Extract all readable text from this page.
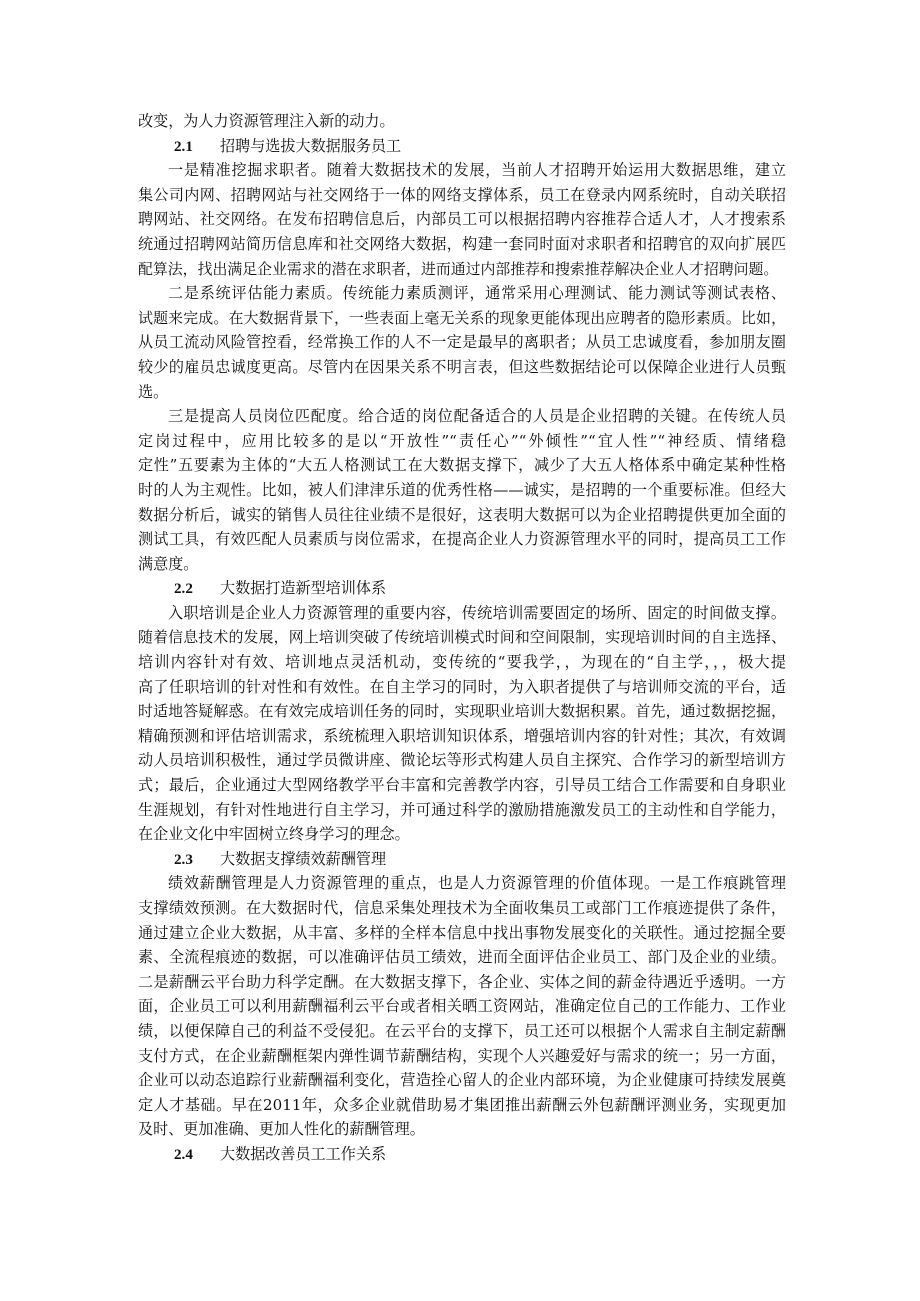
改变，为人力资源管理注入新的动力。
2.1 招聘与选拔大数据服务员工
一是精准挖掘求职者。随着大数据技术的发展，当前人才招聘开始运用大数据思维，建立
集公司内网、招聘网站与社交网络于一体的网络支撑体系，员工在登录内网系统时，自动关联招
聘网站、社交网络。在发布招聘信息后，内部员工可以根据招聘内容推荐合适人才，人才搜索系
统通过招聘网站简历信息库和社交网络大数据，构建一套同时面对求职者和招聘官的双向扩展匹
配算法，找出满足企业需求的潜在求职者，进而通过内部推荐和搜索推荐解决企业人才招聘问题。
二是系统评估能力素质。传统能力素质测评，通常采用心理测试、能力测试等测试表格、
试题来完成。在大数据背景下，一些表面上毫无关系的现象更能体现出应聘者的隐形素质。比如，
从员工流动风险管控看，经常换工作的人不一定是最早的离职者；从员工忠诚度看，参加朋友圈
较少的雇员忠诚度更高。尽管内在因果关系不明言表，但这些数据结论可以保障企业进行人员甄
选。
三是提高人员岗位匹配度。给合适的岗位配备适合的人员是企业招聘的关键。在传统人员
定岗过程中，应用比较多的是以“开放性”“责任心”“外倾性”“宜人性”“神经质、情绪稳
定性”五要素为主体的“大五人格测试工在大数据支撑下，减少了大五人格体系中确定某种性格
时的人为主观性。比如，被人们津津乐道的优秀性格——诚实，是招聘的一个重要标准。但经大
数据分析后，诚实的销售人员往往业绩不是很好，这表明大数据可以为企业招聘提供更加全面的
测试工具，有效匹配人员素质与岗位需求，在提高企业人力资源管理水平的同时，提高员工工作
满意度。
2.2 大数据打造新型培训体系
入职培训是企业人力资源管理的重要内容，传统培训需要固定的场所、固定的时间做支撑。
随着信息技术的发展，网上培训突破了传统培训模式时间和空间限制，实现培训时间的自主选择、
培训内容针对有效、培训地点灵活机动，变传统的“要我学，，为现在的“自主学，，，极大提
高了任职培训的针对性和有效性。在自主学习的同时，为入职者提供了与培训师交流的平台，适
时适地答疑解惑。在有效完成培训任务的同时，实现职业培训大数据积累。首先，通过数据挖掘，
精确预测和评估培训需求，系统梳理入职培训知识体系，增强培训内容的针对性；其次，有效调
动人员培训积极性，通过学员微讲座、微论坛等形式构建人员自主探究、合作学习的新型培训方
式；最后，企业通过大型网络教学平台丰富和完善教学内容，引导员工结合工作需要和自身职业
生涯规划，有针对性地进行自主学习，并可通过科学的激励措施激发员工的主动性和自学能力，
在企业文化中牢固树立终身学习的理念。
2.3 大数据支撑绩效薪酬管理
绩效薪酬管理是人力资源管理的重点，也是人力资源管理的价值体现。一是工作痕跳管理
支撑绩效预测。在大数据时代，信息采集处理技术为全面收集员工或部门工作痕迹提供了条件，
通过建立企业大数据，从丰富、多样的全样本信息中找出事物发展变化的关联性。通过挖掘全要
素、全流程痕迹的数据，可以准确评估员工绩效，进而全面评估企业员工、部门及企业的业绩。
二是薪酬云平台助力科学定酬。在大数据支撑下，各企业、实体之间的薪金待遇近乎透明。一方
面，企业员工可以利用薪酬福利云平台或者相关晒工资网站，准确定位自己的工作能力、工作业
绩，以便保障自己的利益不受侵犯。在云平台的支撑下，员工还可以根据个人需求自主制定薪酬
支付方式，在企业薪酬框架内弹性调节薪酬结构，实现个人兴趣爱好与需求的统一；另一方面，
企业可以动态追踪行业薪酬福利变化，营造拴心留人的企业内部环境，为企业健康可持续发展奠
定人才基础。早在2011年，众多企业就借助易才集团推出薪酬云外包薪酬评测业务，实现更加
及时、更加准确、更加人性化的薪酬管理。
2.4 大数据改善员工工作关系
